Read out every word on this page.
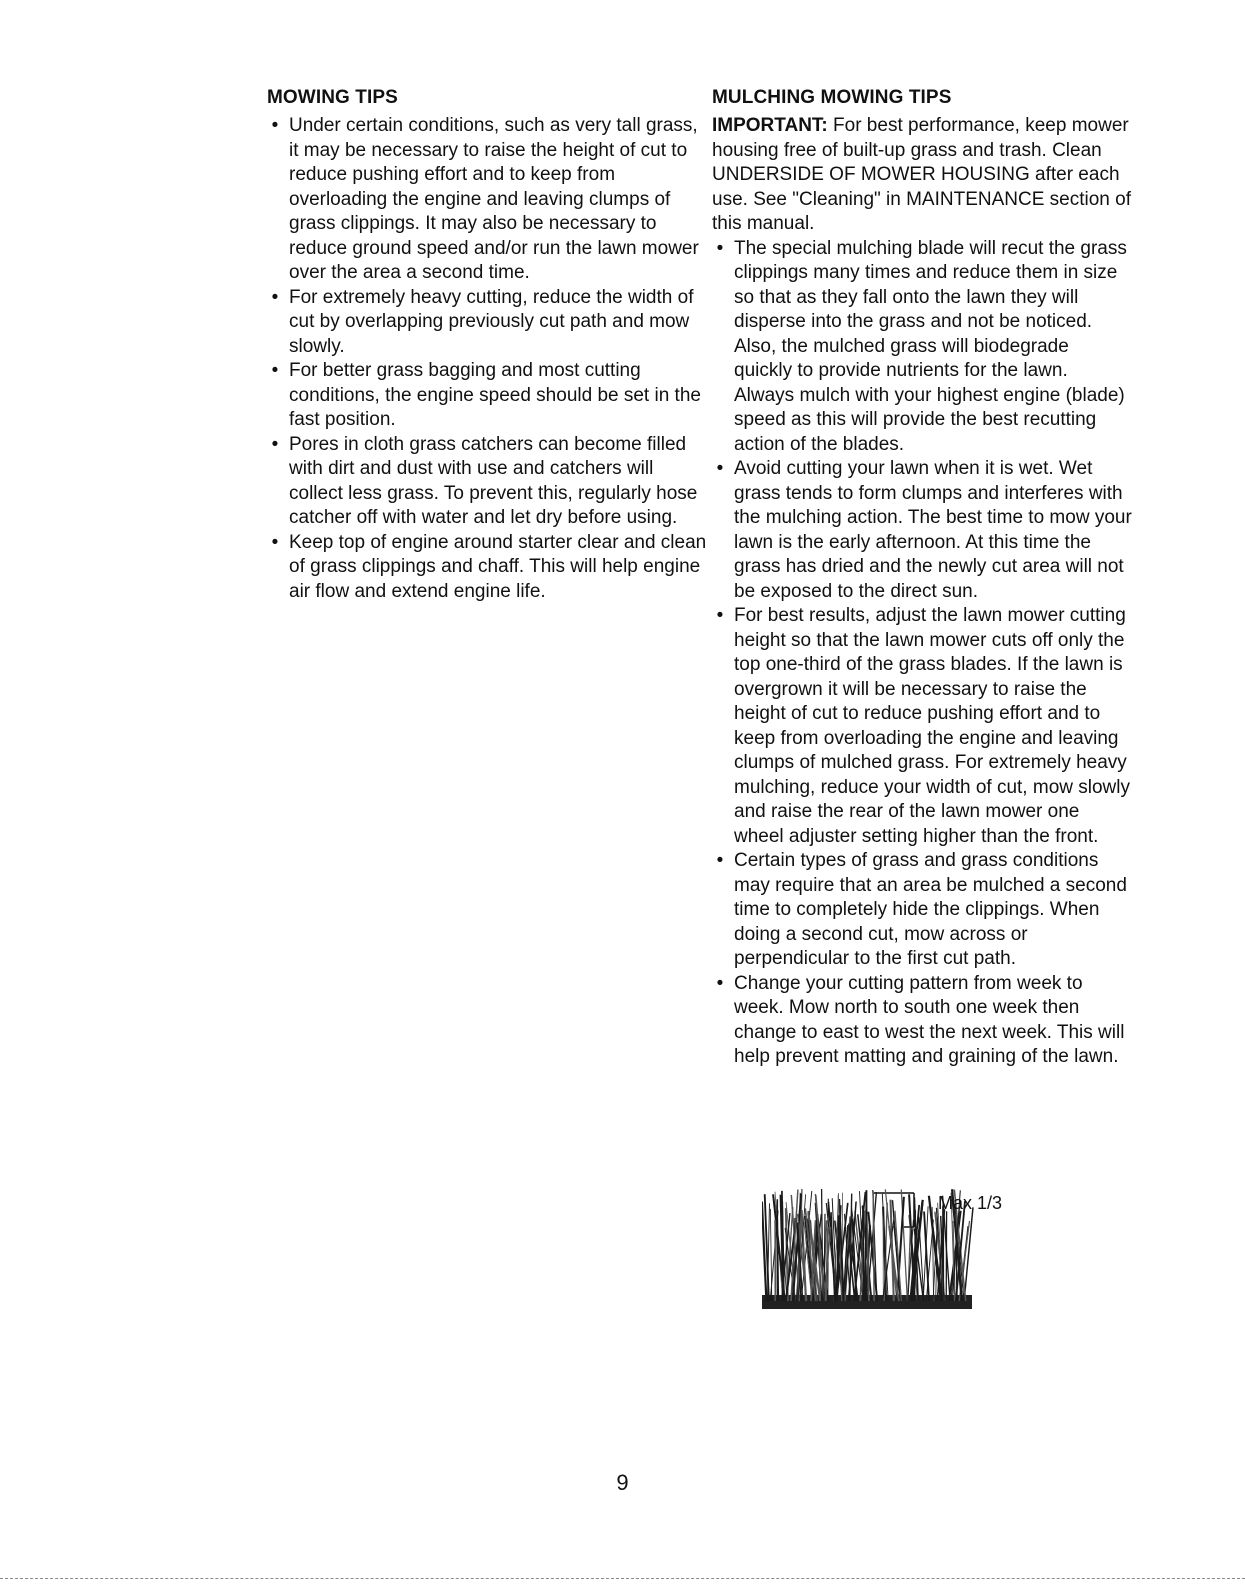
MOWING TIPS
• Under certain conditions, such as very tall grass, it may be necessary to raise the height of cut to reduce pushing effort and to keep from overloading the engine and leaving clumps of grass clippings. It may also be necessary to reduce ground speed and/or run the lawn mower over the area a second time.
• For extremely heavy cutting, reduce the width of cut by overlapping previously cut path and mow slowly.
• For better grass bagging and most cutting conditions, the engine speed should be set in the fast position.
• Pores in cloth grass catchers can become filled with dirt and dust with use and catchers will collect less grass. To prevent this, regularly hose catcher off with water and let dry before using.
• Keep top of engine around starter clear and clean of grass clippings and chaff. This will help engine air flow and extend engine life.
MULCHING MOWING TIPS

IMPORTANT: For best performance, keep mower housing free of built-up grass and trash. Clean UNDERSIDE OF MOWER HOUSING after each use. See "Cleaning" in MAINTENANCE section of this manual.

• The special mulching blade will recut the grass clippings many times and reduce them in size so that as they fall onto the lawn they will disperse into the grass and not be noticed. Also, the mulched grass will biodegrade quickly to provide nutrients for the lawn. Always mulch with your highest engine (blade) speed as this will provide the best recutting action of the blades.
• Avoid cutting your lawn when it is wet. Wet grass tends to form clumps and interferes with the mulching action. The best time to mow your lawn is the early afternoon. At this time the grass has dried and the newly cut area will not be exposed to the direct sun.
• For best results, adjust the lawn mower cutting height so that the lawn mower cuts off only the top one-third of the grass blades. If the lawn is overgrown it will be necessary to raise the height of cut to reduce pushing effort and to keep from overloading the engine and leaving clumps of mulched grass. For extremely heavy mulching, reduce your width of cut, mow slowly and raise the rear of the lawn mower one wheel adjuster setting higher than the front.
• Certain types of grass and grass conditions may require that an area be mulched a second time to completely hide the clippings. When doing a second cut, mow across or perpendicular to the first cut path.
• Change your cutting pattern from week to week. Mow north to south one week then change to east to west the next week. This will help prevent matting and graining of the lawn.
Max 1/3
9
